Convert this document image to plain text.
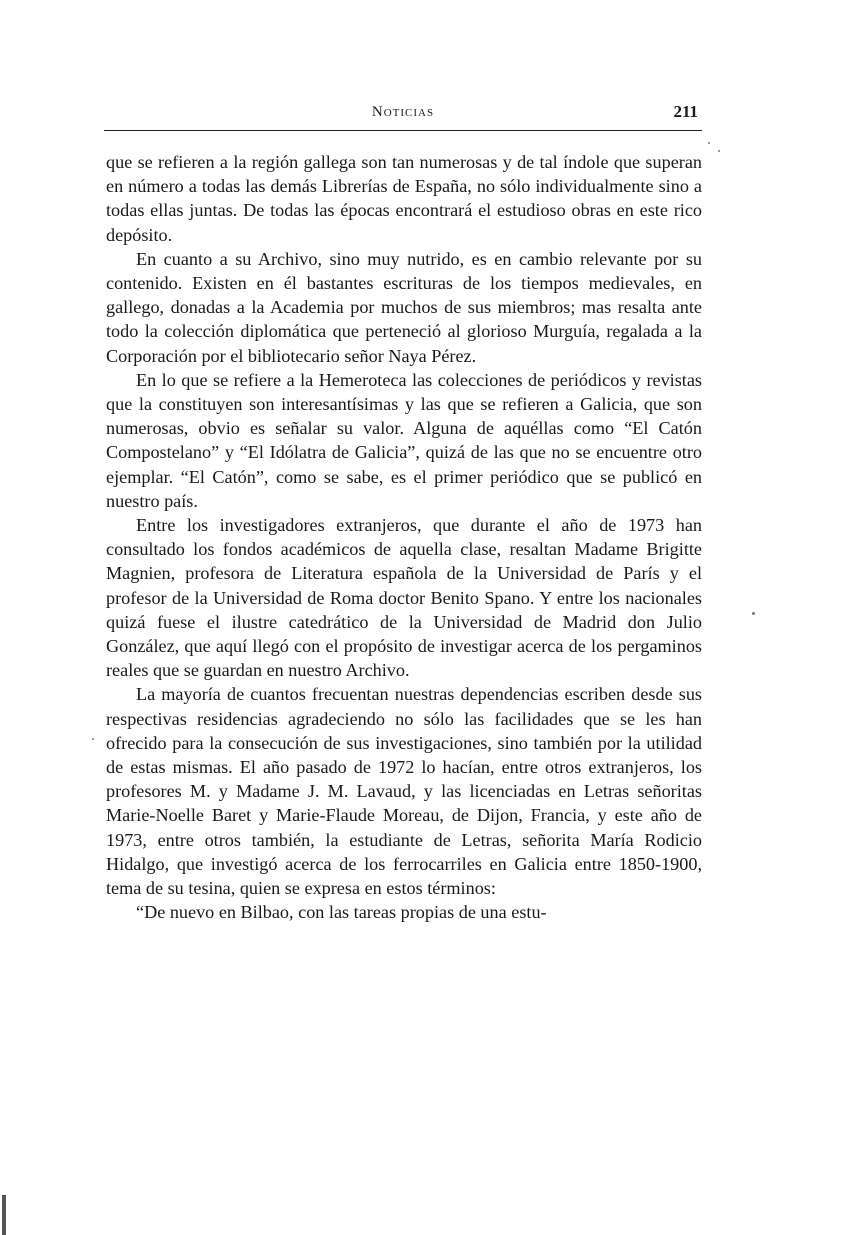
Noticias	211

que se refieren a la región gallega son tan numerosas y de tal índole que superan en número a todas las demás Librerías de España, no sólo individualmente sino a todas ellas juntas. De todas las épocas encontrará el estudioso obras en este rico depósito.

En cuanto a su Archivo, sino muy nutrido, es en cambio relevante por su contenido. Existen en él bastantes escrituras de los tiempos medievales, en gallego, donadas a la Academia por muchos de sus miembros; mas resalta ante todo la colección diplomática que perteneció al glorioso Murguía, regalada a la Corporación por el bibliotecario señor Naya Pérez.

En lo que se refiere a la Hemeroteca las colecciones de periódicos y revistas que la constituyen son interesantísimas y las que se refieren a Galicia, que son numerosas, obvio es señalar su valor. Alguna de aquéllas como “El Catón Compostelano” y “El Idólatra de Galicia”, quizá de las que no se encuentre otro ejemplar. “El Catón”, como se sabe, es el primer periódico que se publicó en nuestro país.

Entre los investigadores extranjeros, que durante el año de 1973 han consultado los fondos académicos de aquella clase, resaltan Madame Brigitte Magnien, profesora de Literatura española de la Universidad de París y el profesor de la Universidad de Roma doctor Benito Spano. Y entre los nacionales quizá fuese el ilustre catedrático de la Universidad de Madrid don Julio González, que aquí llegó con el propósito de investigar acerca de los pergaminos reales que se guardan en nuestro Archivo.

La mayoría de cuantos frecuentan nuestras dependencias escriben desde sus respectivas residencias agradeciendo no sólo las facilidades que se les han ofrecido para la consecución de sus investigaciones, sino también por la utilidad de estas mismas. El año pasado de 1972 lo hacían, entre otros extranjeros, los profesores M. y Madame J. M. Lavaud, y las licenciadas en Letras señoritas Marie-Noelle Baret y Marie-Flaude Moreau, de Dijon, Francia, y este año de 1973, entre otros también, la estudiante de Letras, señorita María Rodicio Hidalgo, que investigó acerca de los ferrocarriles en Galicia entre 1850-1900, tema de su tesina, quien se expresa en estos términos:

“De nuevo en Bilbao, con las tareas propias de una estu-
